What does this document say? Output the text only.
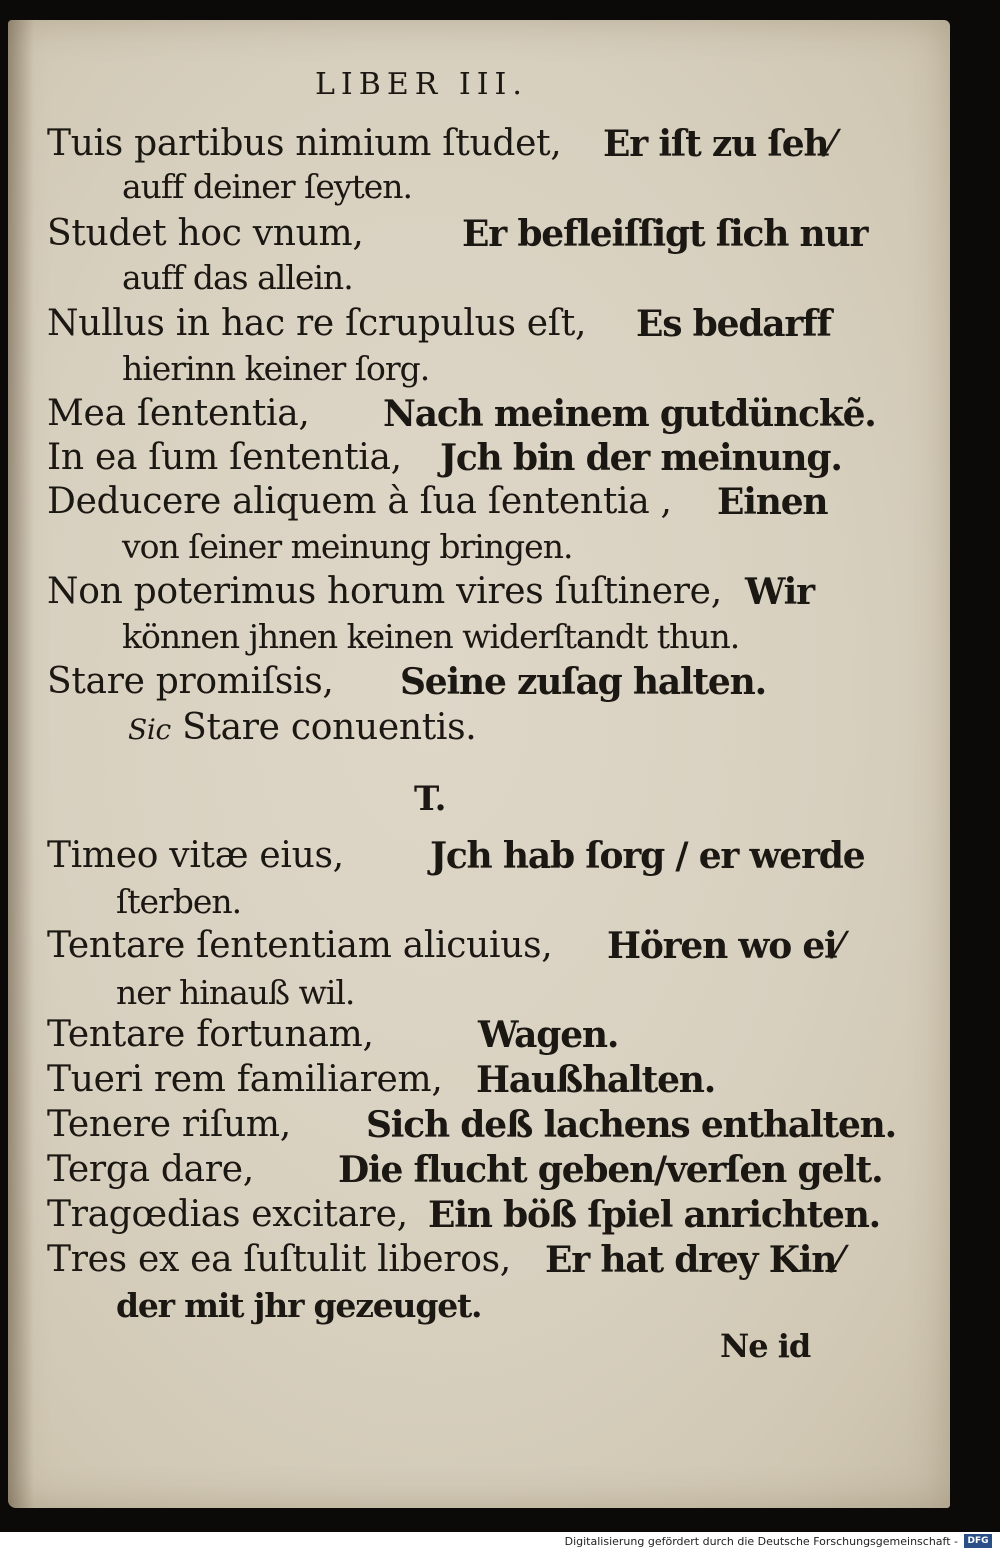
LIBER III.
Tuis partibus nimium ſtudet, Er iſt zu ſeh⁄
auff deiner ſeyten.
Studet hoc vnum,	Er befleiſſigt ſich nur
auff das allein.
Nullus in hac re ſcrupulus eſt, Es bedarff
hierinn keiner ſorg.
Mea ſententia, Nach meinem gutdünckẽ.
In ea ſum ſententia, Jch bin der meinung.
Deducere aliquem à ſua ſententia , Einen
von ſeiner meinung bringen.
Non poterimus horum vires ſuſtinere, Wir
können jhnen keinen widerſtandt thun.
Stare promiſsis, Seine zuſag halten.
Sic Stare conuentis.
T.
Timeo vitæ eius, Jch hab ſorg / er werde
ſterben.
Tentare ſententiam alicuius, Hören wo ei⁄
ner hinauß wil.
Tentare fortunam,	Wagen.
Tueri rem familiarem, Haußhalten.
Tenere riſum, Sich deß lachens enthalten.
Terga dare, Die flucht geben/verſen gelt.
Tragœdias excitare, Ein böß ſpiel anrichten.
Tres ex ea ſuſtulit liberos, Er hat drey Kin⁄
der mit jhr gezeuget.
Ne id
Digitalisierung gefördert durch die Deutsche Forschungsgemeinschaft -	DFG
